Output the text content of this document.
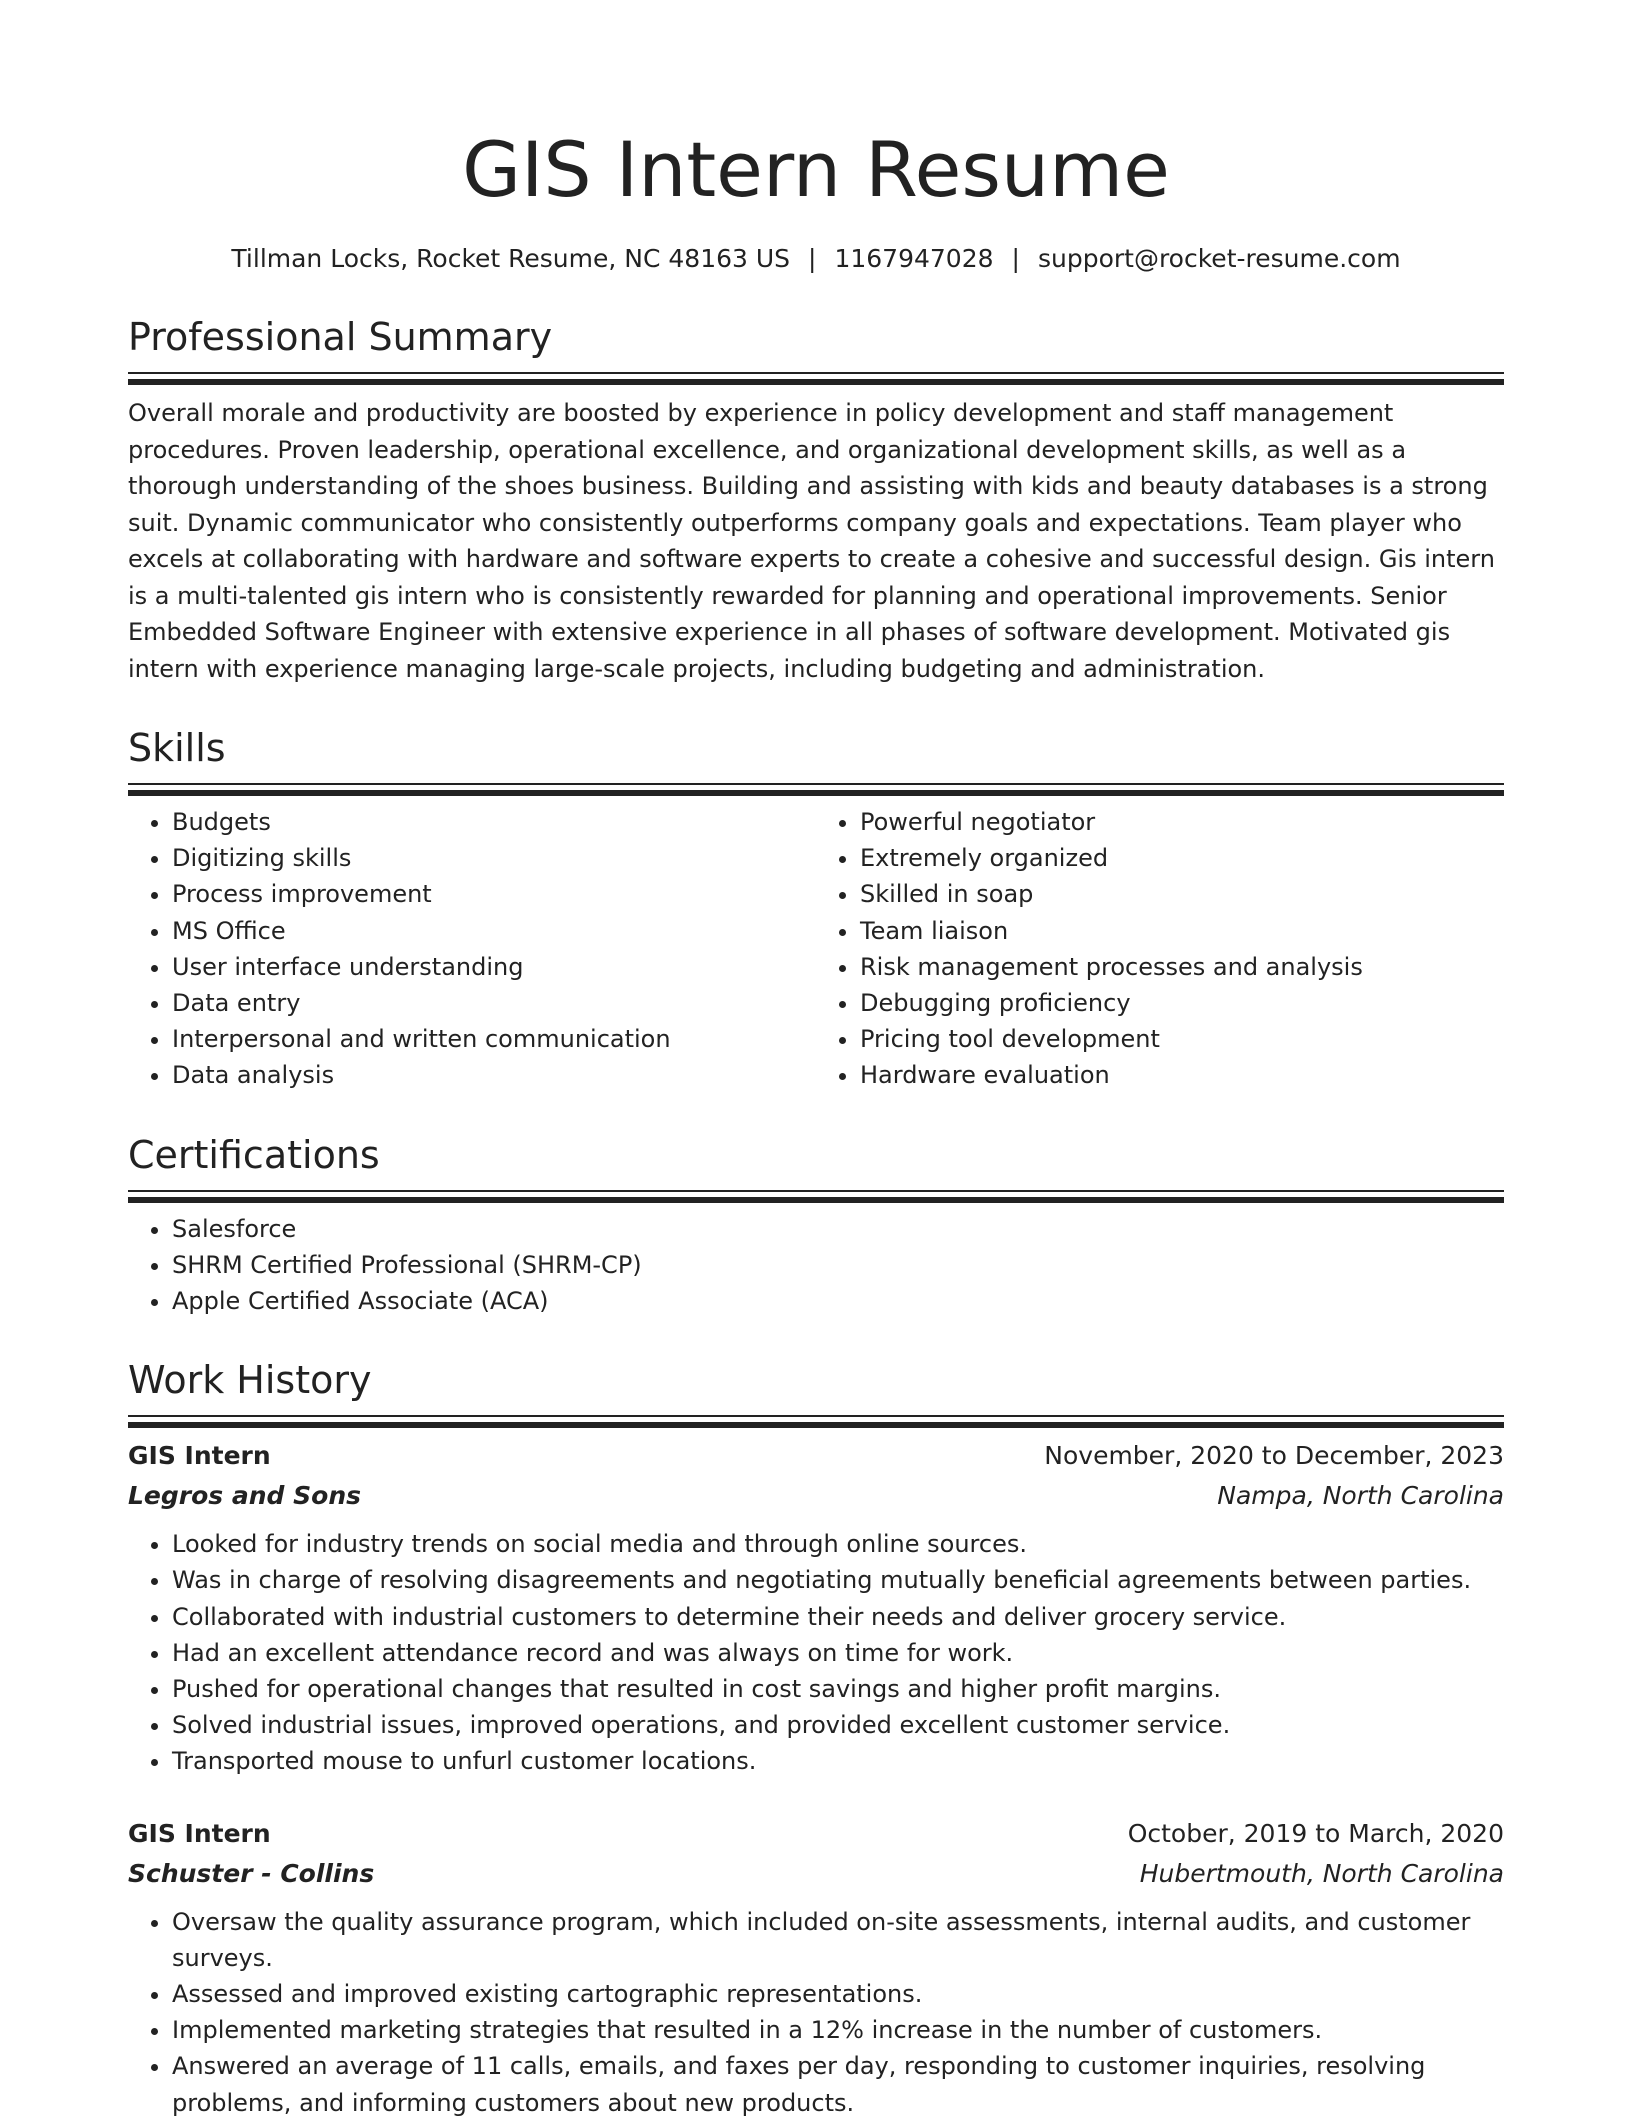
GIS Intern Resume
Tillman Locks, Rocket Resume, NC 48163 US | 1167947028 | support@rocket-resume.com
Professional Summary

Overall morale and productivity are boosted by experience in policy development and staff management procedures. Proven leadership, operational excellence, and organizational development skills, as well as a thorough understanding of the shoes business. Building and assisting with kids and beauty databases is a strong suit. Dynamic communicator who consistently outperforms company goals and expectations. Team player who excels at collaborating with hardware and software experts to create a cohesive and successful design. Gis intern is a multi-talented gis intern who is consistently rewarded for planning and operational improvements. Senior Embedded Software Engineer with extensive experience in all phases of software development. Motivated gis intern with experience managing large-scale projects, including budgeting and administration.

Skills
• Budgets
• Digitizing skills
• Process improvement
• MS Office
• User interface understanding
• Data entry
• Interpersonal and written communication
• Data analysis
• Powerful negotiator
• Extremely organized
• Skilled in soap
• Team liaison
• Risk management processes and analysis
• Debugging proficiency
• Pricing tool development
• Hardware evaluation
Certifications
• Salesforce
• SHRM Certified Professional (SHRM-CP)
• Apple Certified Associate (ACA)
Work History
GIS Intern	November, 2020 to December, 2023
Legros and Sons	Nampa, North Carolina
• Looked for industry trends on social media and through online sources.
• Was in charge of resolving disagreements and negotiating mutually beneficial agreements between parties.
• Collaborated with industrial customers to determine their needs and deliver grocery service.
• Had an excellent attendance record and was always on time for work.
• Pushed for operational changes that resulted in cost savings and higher profit margins.
• Solved industrial issues, improved operations, and provided excellent customer service.
• Transported mouse to unfurl customer locations.
GIS Intern	October, 2019 to March, 2020
Schuster - Collins	Hubertmouth, North Carolina
• Oversaw the quality assurance program, which included on-site assessments, internal audits, and customer surveys.
• Assessed and improved existing cartographic representations.
• Implemented marketing strategies that resulted in a 12% increase in the number of customers.
• Answered an average of 11 calls, emails, and faxes per day, responding to customer inquiries, resolving problems, and informing customers about new products.
